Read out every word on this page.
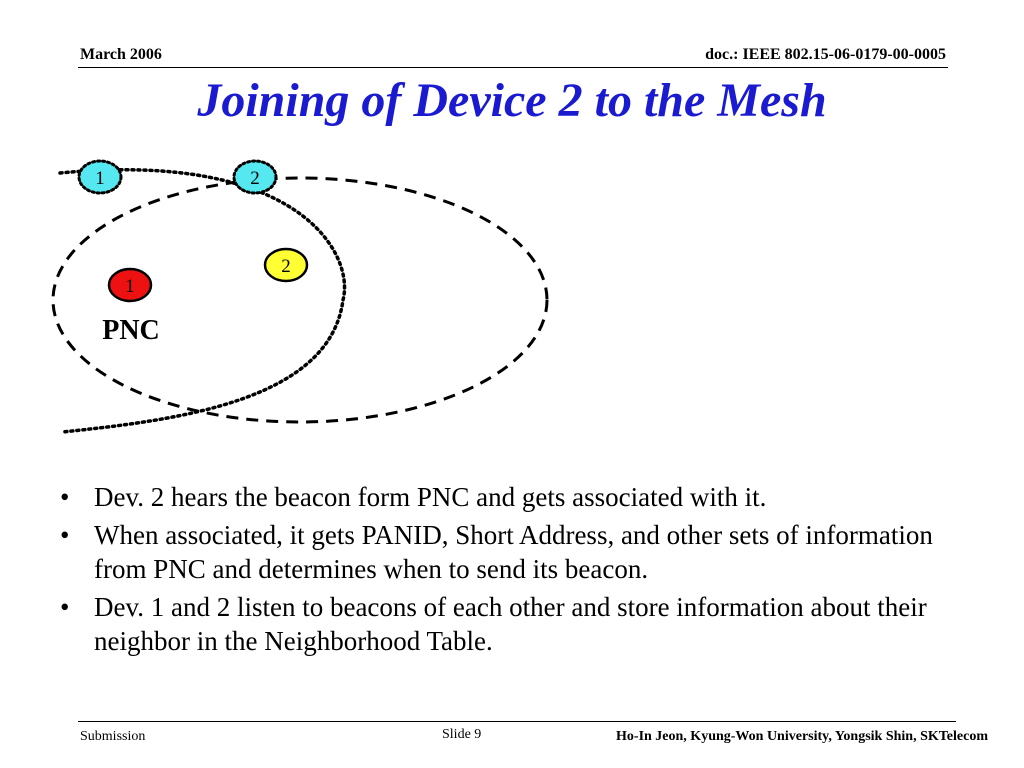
March 2006	doc.: IEEE 802.15-06-0179-00-0005
Joining of Device 2 to the Mesh
1	2
2
1
PNC
• Dev. 2 hears the beacon form PNC and gets associated with it.
• When associated, it gets PANID, Short Address, and other sets of information from PNC and determines when to send its beacon.
• Dev. 1 and 2 listen to beacons of each other and store information about their neighbor in the Neighborhood Table.
Submission	Slide 9	Ho-In Jeon, Kyung-Won University, Yongsik Shin, SKTelecom
